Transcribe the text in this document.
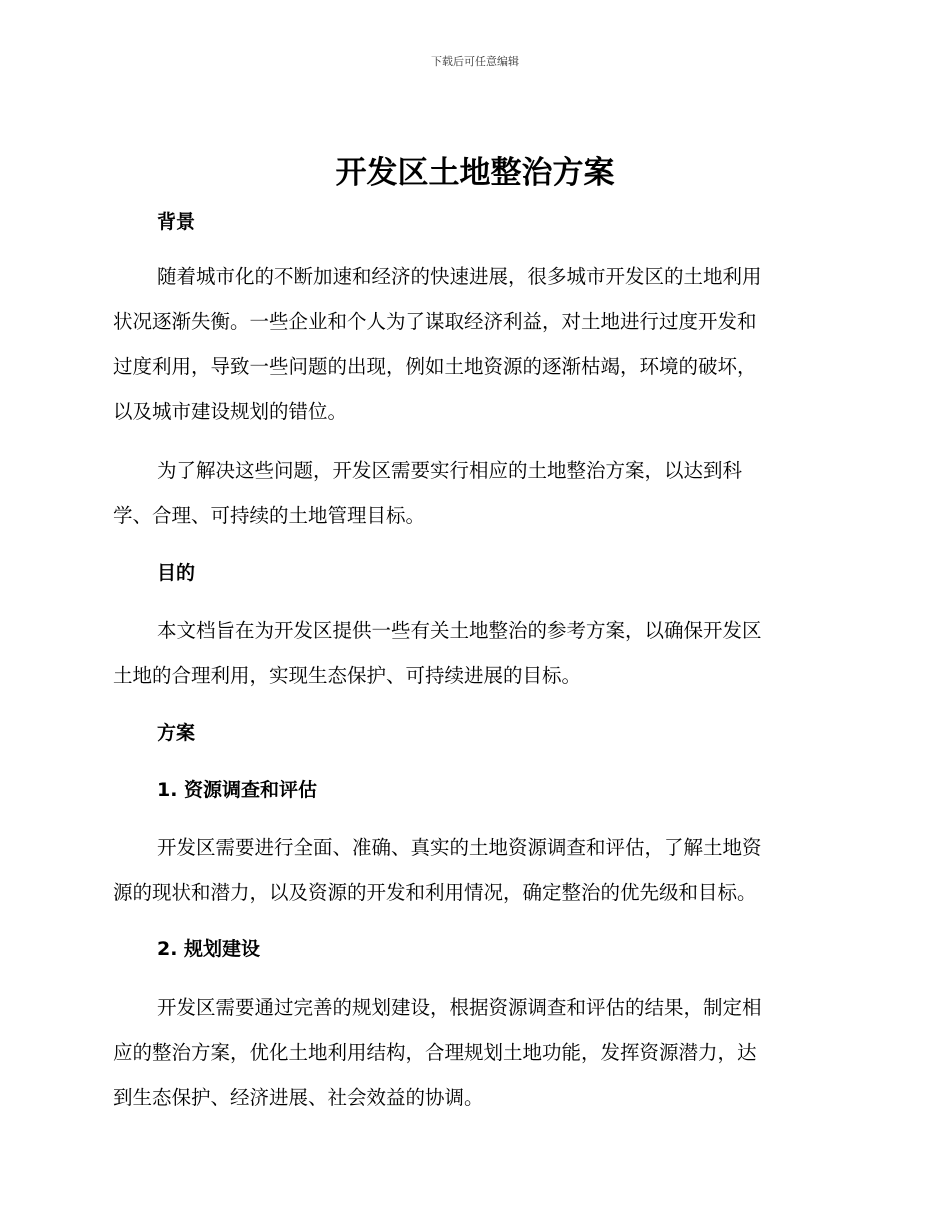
下载后可任意编辑
开发区土地整治方案
背景

随着城市化的不断加速和经济的快速进展，很多城市开发区的土地利用
状况逐渐失衡。一些企业和个人为了谋取经济利益，对土地进行过度开发和
过度利用，导致一些问题的出现，例如土地资源的逐渐枯竭，环境的破坏，
以及城市建设规划的错位。

为了解决这些问题，开发区需要实行相应的土地整治方案，以达到科
学、合理、可持续的土地管理目标。

目的

本文档旨在为开发区提供一些有关土地整治的参考方案，以确保开发区
土地的合理利用，实现生态保护、可持续进展的目标。

方案
1. 资源调查和评估

开发区需要进行全面、准确、真实的土地资源调查和评估，了解土地资
源的现状和潜力，以及资源的开发和利用情况，确定整治的优先级和目标。

2. 规划建设

开发区需要通过完善的规划建设，根据资源调查和评估的结果，制定相
应的整治方案，优化土地利用结构，合理规划土地功能，发挥资源潜力，达
到生态保护、经济进展、社会效益的协调。
